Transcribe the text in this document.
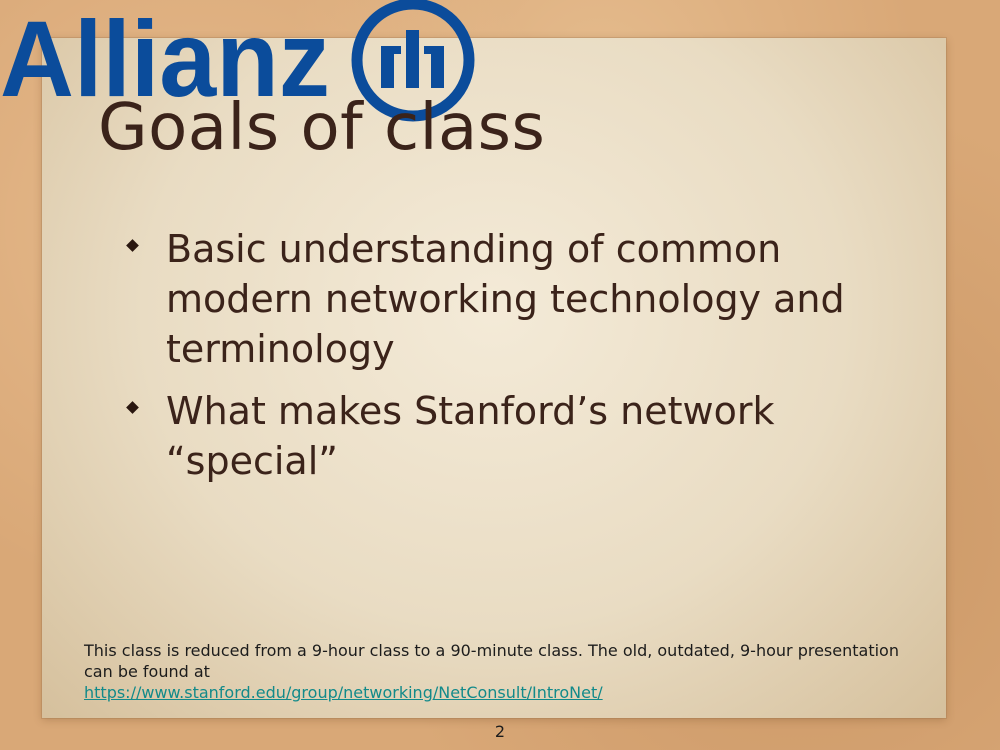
Allianz
Goals of class
Basic understanding of common modern networking technology and terminology
What makes Stanford’s network “special”
This class is reduced from a 9-hour class to a 90-minute class. The old, outdated, 9-hour presentation can be found at
https://www.stanford.edu/group/networking/NetConsult/IntroNet/
2
